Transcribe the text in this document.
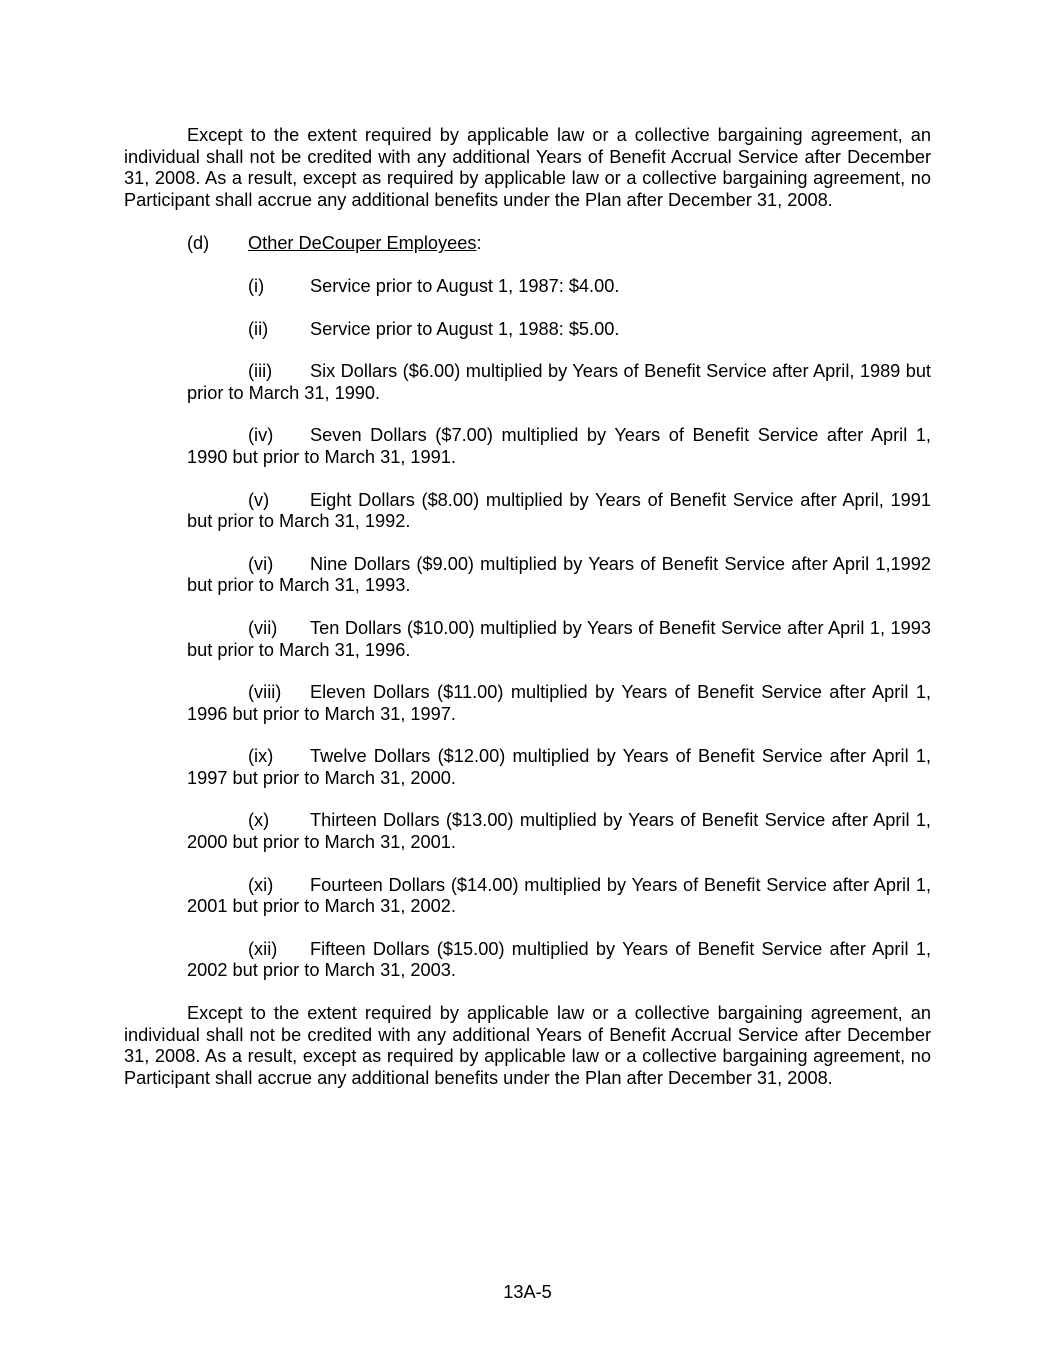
Except to the extent required by applicable law or a collective bargaining agreement, an individual shall not be credited with any additional Years of Benefit Accrual Service after December 31, 2008. As a result, except as required by applicable law or a collective bargaining agreement, no Participant shall accrue any additional benefits under the Plan after December 31, 2008.

(d)	Other DeCouper Employees:

(i)	Service prior to August 1, 1987: $4.00.

(ii) Service prior to August 1, 1988: $5.00.

(iii) Six Dollars ($6.00) multiplied by Years of Benefit Service after April, 1989 but prior to March 31, 1990.

(iv) Seven Dollars ($7.00) multiplied by Years of Benefit Service after April 1, 1990 but prior to March 31, 1991.

(v) Eight Dollars ($8.00) multiplied by Years of Benefit Service after April, 1991 but prior to March 31, 1992.

(vi) Nine Dollars ($9.00) multiplied by Years of Benefit Service after April 1,1992 but prior to March 31, 1993.

(vii) Ten Dollars ($10.00) multiplied by Years of Benefit Service after April 1, 1993 but prior to March 31, 1996.

(viii) Eleven Dollars ($11.00) multiplied by Years of Benefit Service after April 1, 1996 but prior to March 31, 1997.

(ix) Twelve Dollars ($12.00) multiplied by Years of Benefit Service after April 1, 1997 but prior to March 31, 2000.

(x) Thirteen Dollars ($13.00) multiplied by Years of Benefit Service after April 1, 2000 but prior to March 31, 2001.

(xi) Fourteen Dollars ($14.00) multiplied by Years of Benefit Service after April 1, 2001 but prior to March 31, 2002.

(xii) Fifteen Dollars ($15.00) multiplied by Years of Benefit Service after April 1, 2002 but prior to March 31, 2003.

Except to the extent required by applicable law or a collective bargaining agreement, an individual shall not be credited with any additional Years of Benefit Accrual Service after December 31, 2008. As a result, except as required by applicable law or a collective bargaining agreement, no Participant shall accrue any additional benefits under the Plan after December 31, 2008.

13A-5
